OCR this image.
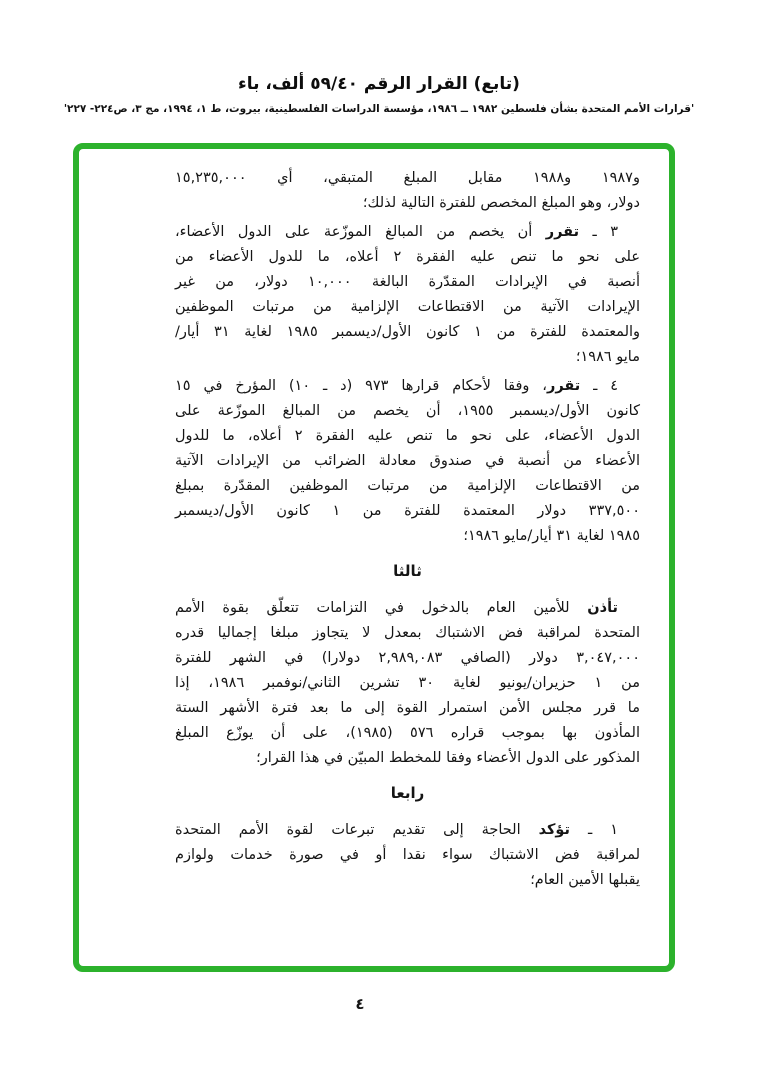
(تابع) القرار الرقم ٥٩/٤٠ ألف، باء
'قرارات الأمم المتحدة بشأن فلسطين ١٩٨٢ ــ ١٩٨٦، مؤسسة الدراسات الفلسطينية، بيروت، ط ١، ١٩٩٤، مج ٣، ص٢٢٤- ٢٢٧'
و١٩٨٧ و١٩٨٨ مقابل المبلغ المتبقي، أي ١٥,٢٣٥,٠٠٠
دولار، وهو المبلغ المخصص للفترة التالية لذلك؛
٣ ـ تقرر أن يخصم من المبالغ الموزّعة على الدول الأعضاء،
على نحو ما تنص عليه الفقرة ٢ أعلاه، ما للدول الأعضاء من
أنصبة في الإيرادات المقدّرة البالغة ١٠,٠٠٠ دولار، من غير
الإيرادات الآتية من الاقتطاعات الإلزامية من مرتبات الموظفين
والمعتمدة للفترة من ١ كانون الأول/ديسمبر ١٩٨٥ لغاية ٣١ أيار/
مايو ١٩٨٦؛
٤ ـ تقرر، وفقا لأحكام قرارها ٩٧٣ (د ـ ١٠) المؤرخ في ١٥
كانون الأول/ديسمبر ١٩٥٥، أن يخصم من المبالغ الموزّعة على
الدول الأعضاء، على نحو ما تنص عليه الفقرة ٢ أعلاه، ما للدول
الأعضاء من أنصبة في صندوق معادلة الضرائب من الإيرادات الآتية
من الاقتطاعات الإلزامية من مرتبات الموظفين المقدّرة بمبلغ
٣٣٧,٥٠٠ دولار المعتمدة للفترة من ١ كانون الأول/ديسمبر
١٩٨٥ لغاية ٣١ أيار/مايو ١٩٨٦؛
ثالثا
تأذن للأمين العام بالدخول في التزامات تتعلّق بقوة الأمم
المتحدة لمراقبة فض الاشتباك بمعدل لا يتجاوز مبلغا إجماليا قدره
٣,٠٤٧,٠٠٠ دولار (الصافي ٢,٩٨٩,٠٨٣ دولارا) في الشهر للفترة
من ١ حزيران/يونيو لغاية ٣٠ تشرين الثاني/نوفمبر ١٩٨٦، إذا
ما قرر مجلس الأمن استمرار القوة إلى ما بعد فترة الأشهر الستة
المأذون بها بموجب قراره ٥٧٦ (١٩٨٥)، على أن يوزّع المبلغ
المذكور على الدول الأعضاء وفقا للمخطط المبيّن في هذا القرار؛
رابعا
١ ـ تؤكد الحاجة إلى تقديم تبرعات لقوة الأمم المتحدة
لمراقبة فض الاشتباك سواء نقدا أو في صورة خدمات ولوازم
يقبلها الأمين العام؛
٤
